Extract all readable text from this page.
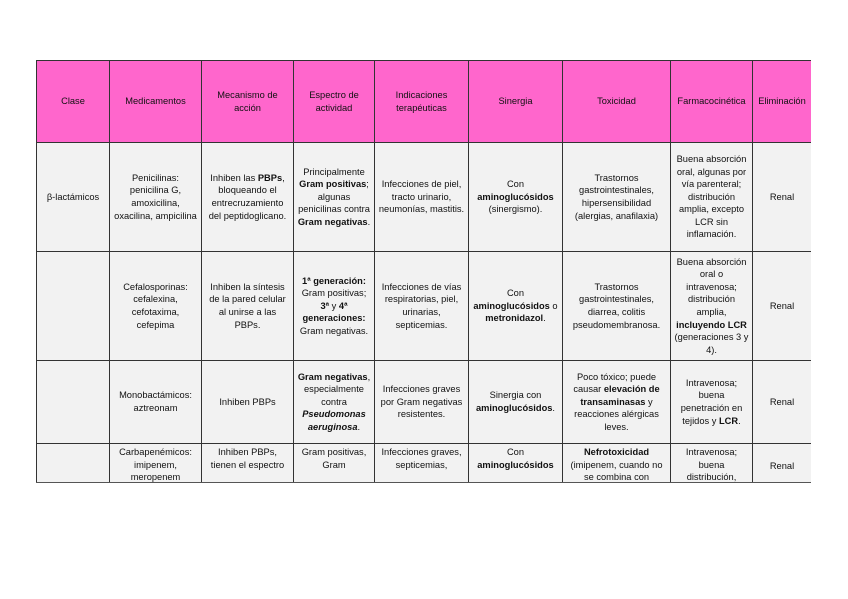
Clase	Medicamentos	Mecanismo de acción	Espectro de actividad	Indicaciones terapéuticas	Sinergia	Toxicidad	Farmacocinética	Eliminación
β-lactámicos	Penicilinas: penicilina G, amoxicilina, oxacilina, ampicilina	Inhiben las PBPs, bloqueando el entrecruzamiento del peptidoglicano.	Principalmente Gram positivas; algunas penicilinas contra Gram negativas.	Infecciones de piel, tracto urinario, neumonías, mastitis.	Con aminoglucósidos (sinergismo).	Trastornos gastrointestinales, hipersensibilidad (alergias, anafilaxia)	Buena absorción oral, algunas por vía parenteral; distribución amplia, excepto LCR sin inflamación.	Renal
	Cefalosporinas: cefalexina, cefotaxima, cefepima	Inhiben la síntesis de la pared celular al unirse a las PBPs.	1ª generación: Gram positivas; 3ª y 4ª generaciones: Gram negativas.	Infecciones de vías respiratorias, piel, urinarias, septicemias.	Con aminoglucósidos o metronidazol.	Trastornos gastrointestinales, diarrea, colitis pseudomembranosa.	Buena absorción oral o intravenosa; distribución amplia, incluyendo LCR (generaciones 3 y 4).	Renal
	Monobactámicos: aztreonam	Inhiben PBPs	Gram negativas, especialmente contra Pseudomonas aeruginosa.	Infecciones graves por Gram negativas resistentes.	Sinergia con aminoglucósidos.	Poco tóxico; puede causar elevación de transaminasas y reacciones alérgicas leves.	Intravenosa; buena penetración en tejidos y LCR.	Renal
	Carbapenémicos: imipenem, meropenem	Inhiben PBPs, tienen el espectro	Gram positivas, Gram	Infecciones graves, septicemias,	Con aminoglucósidos	Nefrotoxicidad (imipenem, cuando no se combina con	Intravenosa; buena distribución,	Renal
